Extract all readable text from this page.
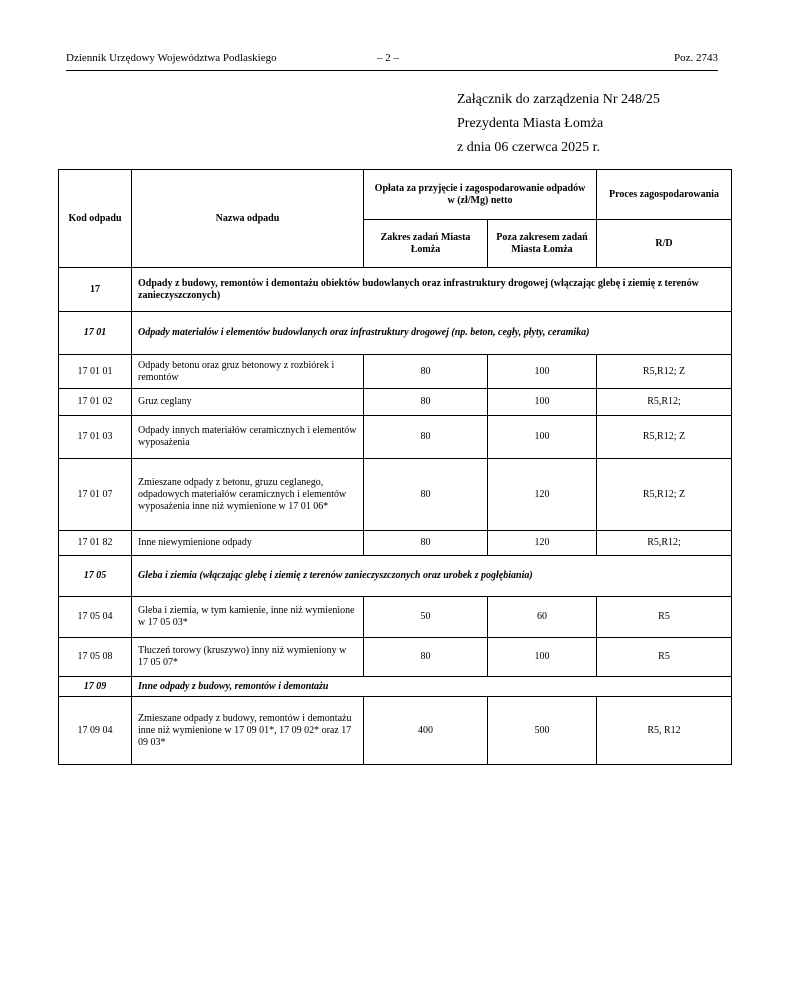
Dziennik Urzędowy Województwa Podlaskiego	– 2 –	Poz. 2743
Załącznik do zarządzenia Nr 248/25
Prezydenta Miasta Łomża
z dnia 06 czerwca 2025 r.
Kod odpadu	Nazwa odpadu	Opłata za przyjęcie i zagospodarowanie odpadów w (zł/Mg) netto		Proces zagospodarowania
		Zakres zadań Miasta Łomża	Poza zakresem zadań Miasta Łomża	R/D
17	Odpady z budowy, remontów i demontażu obiektów budowlanych oraz infrastruktury drogowej (włączając glebę i ziemię z terenów zanieczyszczonych)			
17 01	Odpady materiałów i elementów budowlanych oraz infrastruktury drogowej (np. beton, cegły, płyty, ceramika)			
17 01 01	Odpady betonu oraz gruz betonowy z rozbiórek i remontów	80	100	R5,R12; Z
17 01 02	Gruz ceglany	80	100	R5,R12;
17 01 03	Odpady innych materiałów ceramicznych i elementów wyposażenia	80	100	R5,R12; Z
17 01 07	Zmieszane odpady z betonu, gruzu ceglanego, odpadowych materiałów ceramicznych i elementów wyposażenia inne niż wymienione w 17 01 06*	80	120	R5,R12; Z
17 01 82	Inne niewymienione odpady	80	120	R5,R12;
17 05	Gleba i ziemia (włączając glebę i ziemię z terenów zanieczyszczonych oraz urobek z pogłębiania)			
17 05 04	Gleba i ziemia, w tym kamienie, inne niż wymienione w 17 05 03*	50	60	R5
17 05 08	Tłuczeń torowy (kruszywo) inny niż wymieniony w 17 05 07*	80	100	R5
17 09	Inne odpady z budowy, remontów i demontażu			
17 09 04	Zmieszane odpady z budowy, remontów i demontażu inne niż wymienione w 17 09 01*, 17 09 02* oraz 17 09 03*	400	500	R5, R12
